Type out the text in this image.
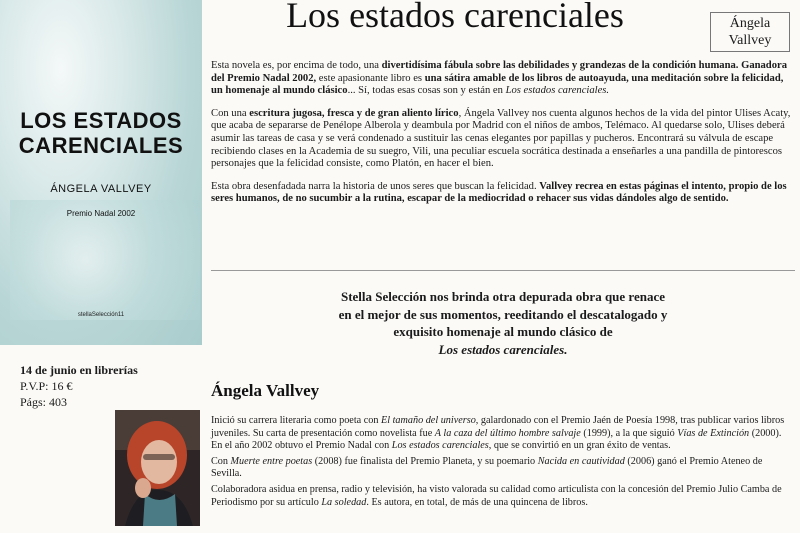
LOS ESTADOS
CARENCIALES
ÁNGELA VALLVEY
Premio Nadal 2002
stellaSelección11
Los estados carenciales	Ángela
Vallvey

Esta novela es, por encima de todo, una divertidísima fábula sobre las debilidades y grandezas de la condición humana. Ganadora del Premio Nadal 2002, este apasionante libro es una sátira amable de los libros de autoayuda, una meditación sobre la felicidad, un homenaje al mundo clásico... Sí, todas esas cosas son y están en Los estados carenciales.

Con una escritura jugosa, fresca y de gran aliento lírico, Ángela Vallvey nos cuenta algunos hechos de la vida del pintor Ulises Acaty, que acaba de separarse de Penélope Alberola y deambula por Madrid con el niños de ambos, Telémaco. Al quedarse solo, Ulises deberá asumir las tareas de casa y se verá condenado a sustituir las cenas elegantes por papillas y pucheros. Encontrará su válvula de escape recibiendo clases en la Academia de su suegro, Vili, una peculiar escuela socrática destinada a enseñarles a una pandilla de pintorescos personajes que la felicidad consiste, como Platón, en hacer el bien.

Esta obra desenfadada narra la historia de unos seres que buscan la felicidad. Vallvey recrea en estas páginas el intento, propio de los seres humanos, de no sucumbir a la rutina, escapar de la mediocridad o rehacer sus vidas dándoles algo de sentido.

Stella Selección nos brinda otra depurada obra que renace
en el mejor de sus momentos, reeditando el descatalogado y
exquisito homenaje al mundo clásico de
Los estados carenciales.
14 de junio en librerías
P.V.P: 16 €
Págs: 403
Ángela Vallvey

Inició su carrera literaria como poeta con El tamaño del universo, galardonado con el Premio Jaén de Poesía 1998, tras publicar varios libros juveniles. Su carta de presentación como novelista fue A la caza del último hombre salvaje (1999), a la que siguió Vías de Extinción (2000). En el año 2002 obtuvo el Premio Nadal con Los estados carenciales, que se convirtió en un gran éxito de ventas.

Con Muerte entre poetas (2008) fue finalista del Premio Planeta, y su poemario Nacida en cautividad (2006) ganó el Premio Ateneo de Sevilla.

Colaboradora asidua en prensa, radio y televisión, ha visto valorada su calidad como articulista con la concesión del Premio Julio Camba de Periodismo por su artículo La soledad. Es autora, en total, de más de una quincena de libros.
